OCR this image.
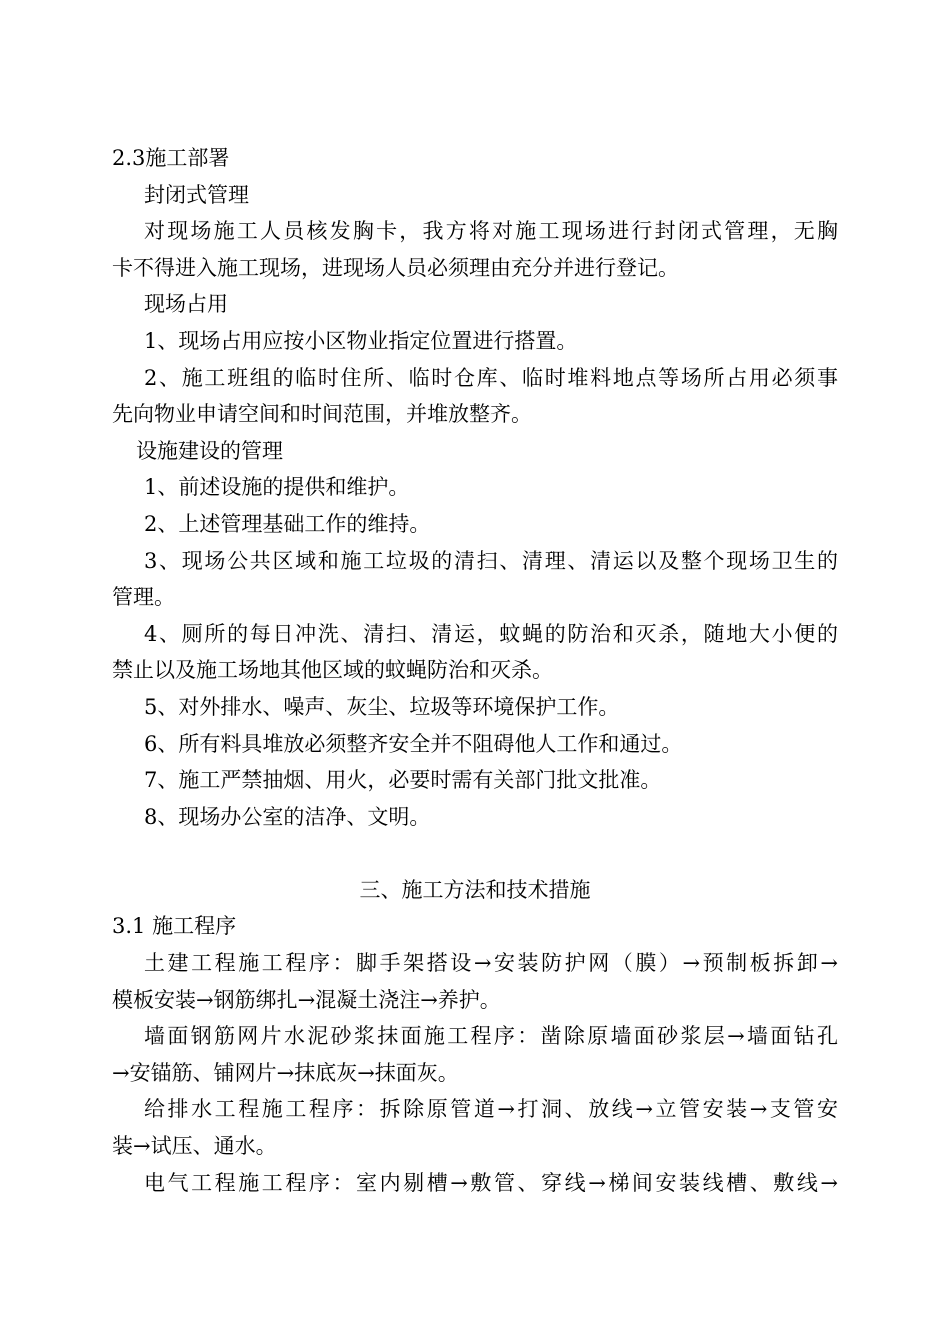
2.3施工部署
封闭式管理
对现场施工人员核发胸卡，我方将对施工现场进行封闭式管理，无胸
卡不得进入施工现场，进现场人员必须理由充分并进行登记。
现场占用
1、现场占用应按小区物业指定位置进行搭置。
2、施工班组的临时住所、临时仓库、临时堆料地点等场所占用必须事
先向物业申请空间和时间范围，并堆放整齐。
设施建设的管理
1、前述设施的提供和维护。
2、上述管理基础工作的维持。
3、现场公共区域和施工垃圾的清扫、清理、清运以及整个现场卫生的
管理。
4、厕所的每日冲洗、清扫、清运，蚊蝇的防治和灭杀，随地大小便的
禁止以及施工场地其他区域的蚊蝇防治和灭杀。
5、对外排水、噪声、灰尘、垃圾等环境保护工作。
6、所有料具堆放必须整齐安全并不阻碍他人工作和通过。
7、施工严禁抽烟、用火，必要时需有关部门批文批准。
8、现场办公室的洁净、文明。
三、施工方法和技术措施
3.1 施工程序
土建工程施工程序：脚手架搭设→安装防护网（膜）→预制板拆卸→
模板安装→钢筋绑扎→混凝土浇注→养护。
墙面钢筋网片水泥砂浆抹面施工程序：凿除原墙面砂浆层→墙面钻孔
→安锚筋、铺网片→抹底灰→抹面灰。
给排水工程施工程序：拆除原管道→打洞、放线→立管安装→支管安
装→试压、通水。
电气工程施工程序：室内剔槽→敷管、穿线→梯间安装线槽、敷线→
